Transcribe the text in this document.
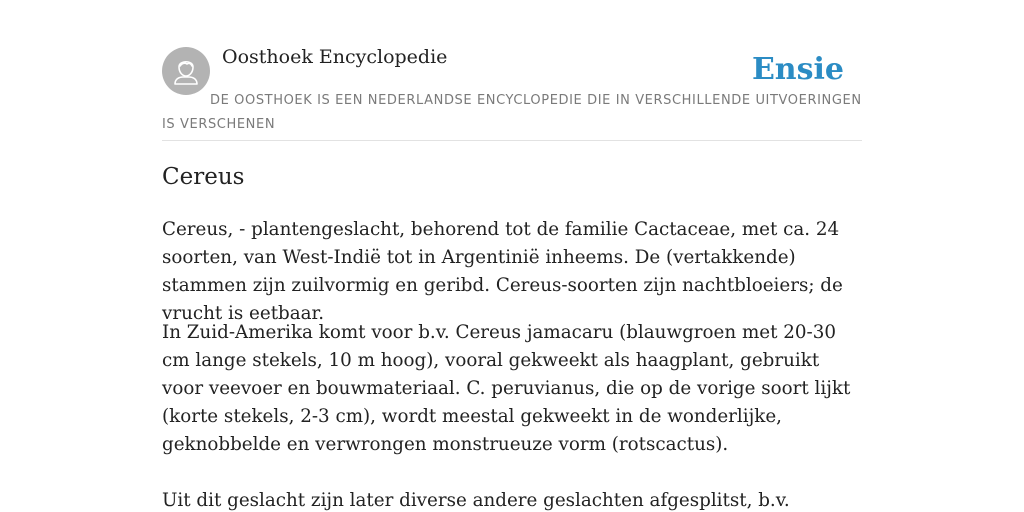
Oosthoek Encyclopedie	Ensie
DE OOSTHOEK IS EEN NEDERLANDSE ENCYCLOPEDIE DIE IN VERSCHILLENDE UITVOERINGEN IS VERSCHENEN
Cereus

Cereus, - plantengeslacht, behorend tot de familie Cactaceae, met ca. 24 soorten, van West-Indië tot in Argentinië inheems. De (vertakkende) stammen zijn zuilvormig en geribd. Cereus-soorten zijn nachtbloeiers; de vrucht is eetbaar.

In Zuid-Amerika komt voor b.v. Cereus jamacaru (blauwgroen met 20-30 cm lange stekels, 10 m hoog), vooral gekweekt als haagplant, gebruikt voor veevoer en bouwmateriaal. C. peruvianus, die op de vorige soort lijkt (korte stekels, 2-3 cm), wordt meestal gekweekt in de wonderlijke, geknobbelde en verwrongen monstrueuze vorm (rotscactus).

Uit dit geslacht zijn later diverse andere geslachten afgesplitst, b.v.
